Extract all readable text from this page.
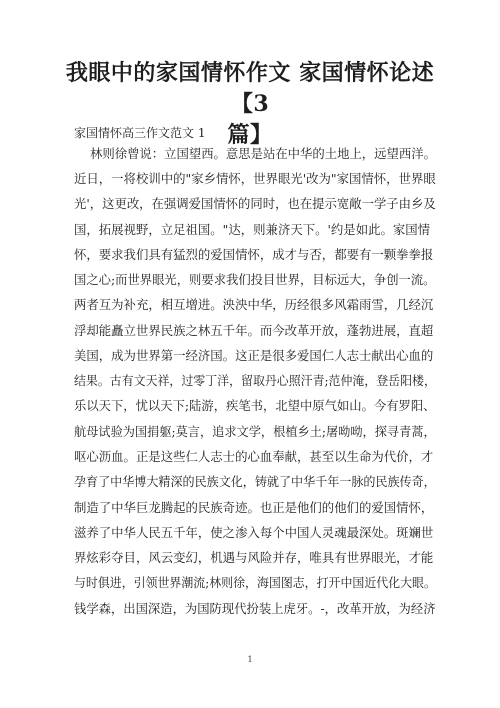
我眼中的家国情怀作文 家国情怀论述【3
篇】
家国情怀高三作文范文 1
林则徐曾说：立国望西。意思是站在中华的土地上，远望西洋。
近日，一将校训中的"家乡情怀，世界眼光'改为"家国情怀，世界眼
光'，这更改，在强调爱国情怀的同时，也在提示宽敞一学子由乡及
国，拓展视野，立足祖国。"达，则兼济天下。'约是如此。家国情
怀，要求我们具有猛烈的爱国情怀，成才与否，都要有一颗拳拳报
国之心;而世界眼光，则要求我们投目世界，目标远大，争创一流。
两者互为补充，相互增进。泱泱中华，历经很多风霜雨雪，几经沉
浮却能矗立世界民族之林五千年。而今改革开放，蓬勃进展，直超
美国，成为世界第一经济国。这正是很多爱国仁人志士献出心血的
结果。古有文天祥，过零丁洋，留取丹心照汗青;范仲淹，登岳阳楼，
乐以天下，忧以天下;陆游，疾笔书，北望中原气如山。今有罗阳、
航母试验为国捐躯;莫言，追求文学，根植乡土;屠呦呦，探寻青蒿，
呕心沥血。正是这些仁人志士的心血奉献，甚至以生命为代价，才
孕育了中华博大精深的民族文化，铸就了中华千年一脉的民族传奇，
制造了中华巨龙腾起的民族奇迹。也正是他们的他们的爱国情怀，
滋养了中华人民五千年，使之渗入每个中国人灵魂最深处。斑斓世
界炫彩夺目，风云变幻，机遇与风险并存，唯具有世界眼光，才能
与时俱进，引领世界潮流;林则徐，海国图志，打开中国近代化大眼。
钱学森，出国深造，为国防现代扮装上虎牙。-，改革开放，为经济
1
